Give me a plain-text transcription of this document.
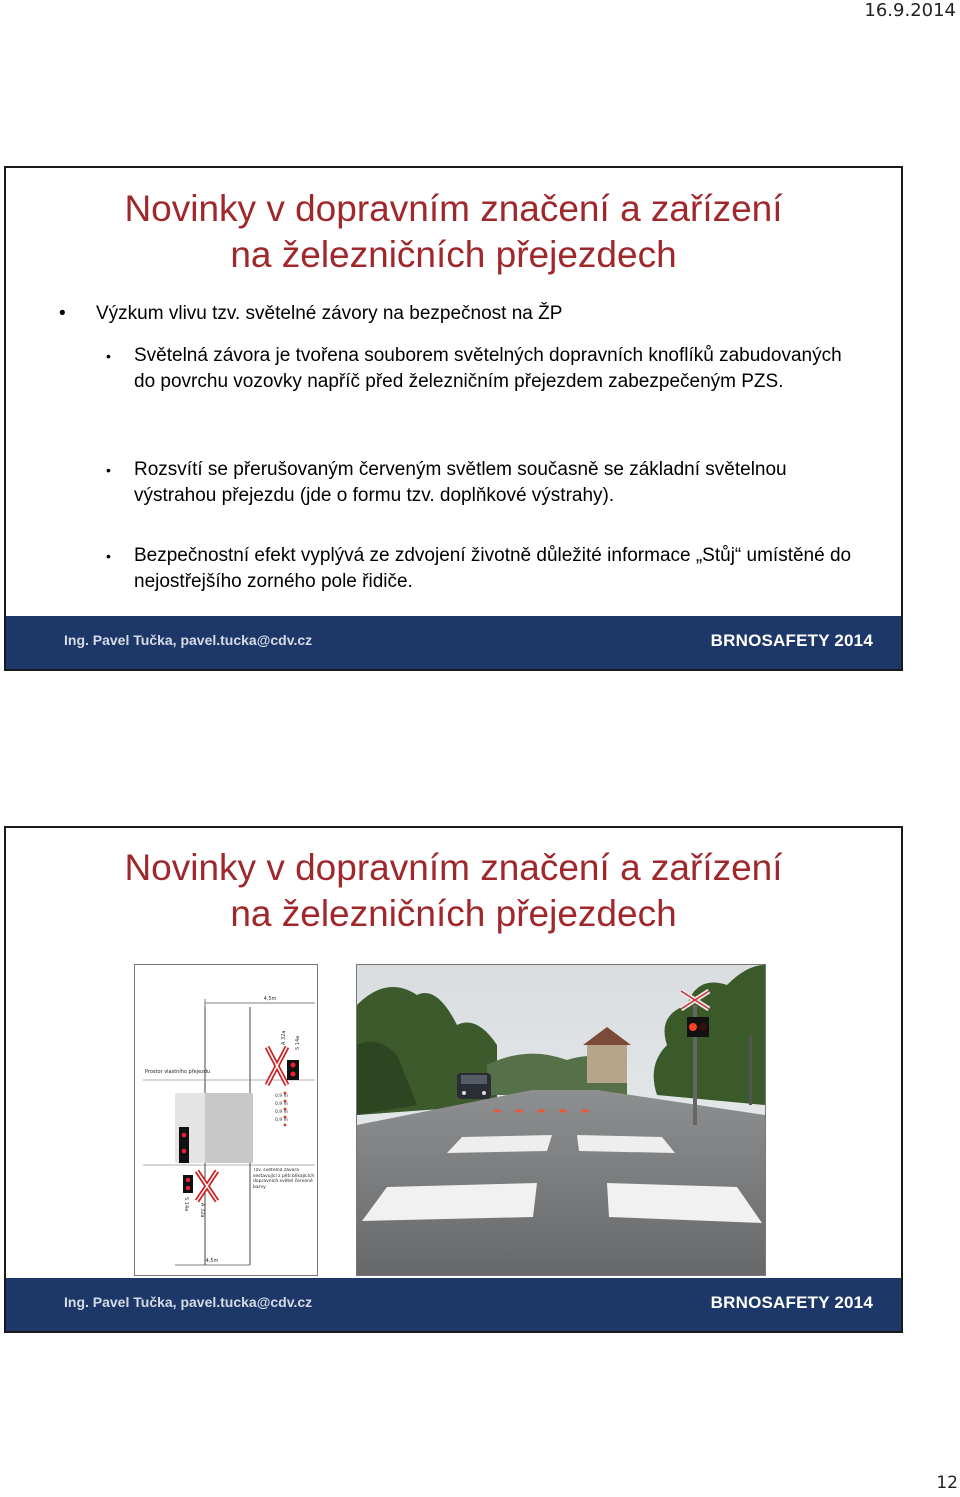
16.9.2014
Novinky v dopravním značení a zařízení
na železničních přejezdech
• Výzkum vlivu tzv. světelné závory na bezpečnost na ŽP
•	Světelná závora je tvořena souborem světelných dopravních knoflíků zabudovaných do povrchu vozovky napříč před železničním přejezdem zabezpečeným PZS.
•	Rozsvítí se přerušovaným červeným světlem současně se základní světelnou výstrahou přejezdu (jde o formu tzv. doplňkové výstrahy).
•	Bezpečnostní efekt vyplývá ze zdvojení životně důležité informace „Stůj“ umístěné do nejostřejšího zorného pole řidiče.
Ing. Pavel Tučka, pavel.tucka@cdv.cz	BRNOSAFETY 2014
Novinky v dopravním značení a zařízení
na železničních přejezdech
4,5m
Prostor vlastního přejezdu
A 32a S 14a
0,9 m
0,9 m
0,9 m
0,9 m
S 14a A 32a
Tzv. světelná závora sestavující z pěti blikajících dopravních světel červené barvy
4,5m
Ing. Pavel Tučka, pavel.tucka@cdv.cz	BRNOSAFETY 2014
12
